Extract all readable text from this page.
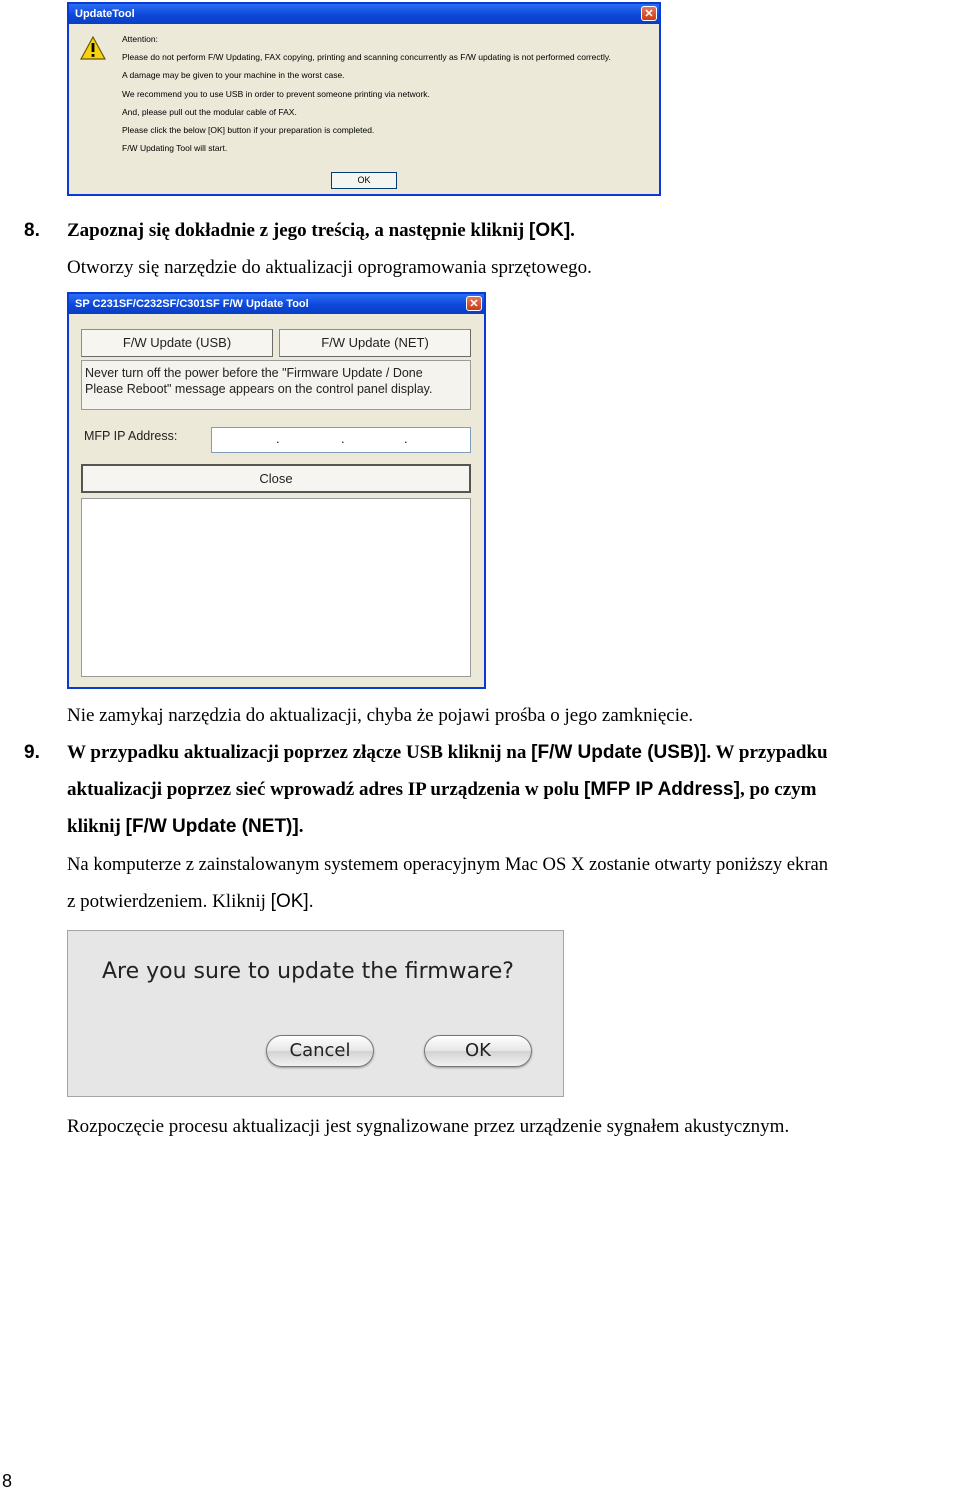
UpdateTool	✕
Attention:
Please do not perform F/W Updating, FAX copying, printing and scanning concurrently as F/W updating is not performed correctly.
A damage may be given to your machine in the worst case.
We recommend you to use USB in order to prevent someone printing via network.
And, please pull out the modular cable of FAX.
Please click the below [OK] button if your preparation is completed.
F/W Updating Tool will start.
OK
8. Zapoznaj się dokładnie z jego treścią, a następnie kliknij [OK].
Otworzy się narzędzie do aktualizacji oprogramowania sprzętowego.
SP C231SF/C232SF/C301SF F/W Update Tool	✕
F/W Update (USB)	F/W Update (NET)
Never turn off the power before the "Firmware Update / Done
Please Reboot" message appears on the control panel display.
MFP IP Address:	.	.	.
Close
Nie zamykaj narzędzia do aktualizacji, chyba że pojawi prośba o jego zamknięcie.
9. W przypadku aktualizacji poprzez złącze USB kliknij na [F/W Update (USB)]. W przypadku
aktualizacji poprzez sieć wprowadź adres IP urządzenia w polu [MFP IP Address], po czym
kliknij [F/W Update (NET)].
Na komputerze z zainstalowanym systemem operacyjnym Mac OS X zostanie otwarty poniższy ekran
z potwierdzeniem. Kliknij [OK].
Are you sure to update the firmware?
Cancel	OK
Rozpoczęcie procesu aktualizacji jest sygnalizowane przez urządzenie sygnałem akustycznym.
8
